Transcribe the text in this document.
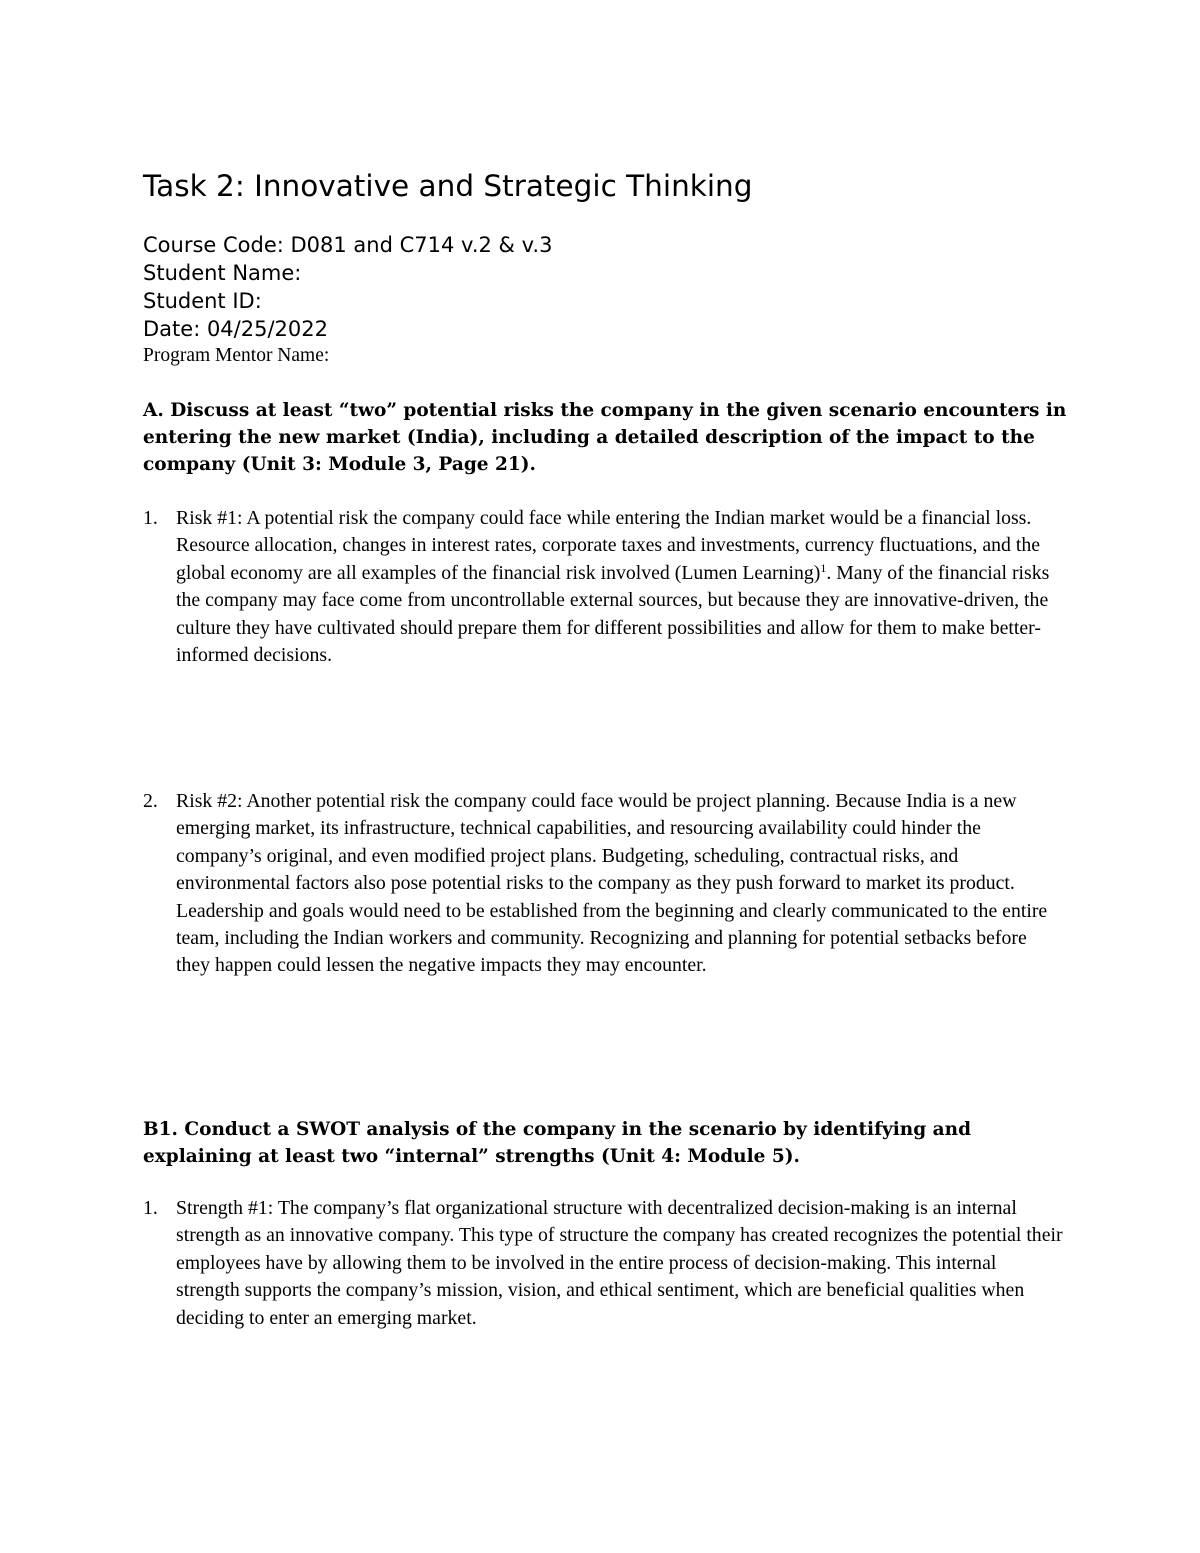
Task 2: Innovative and Strategic Thinking
Course Code: D081 and C714 v.2 & v.3
Student Name:
Student ID:
Date: 04/25/2022
Program Mentor Name:
A. Discuss at least “two” potential risks the company in the given scenario encounters in entering the new market (India), including a detailed description of the impact to the company (Unit 3: Module 3, Page 21).
1. Risk #1: A potential risk the company could face while entering the Indian market would be a financial loss. Resource allocation, changes in interest rates, corporate taxes and investments, currency fluctuations, and the global economy are all examples of the financial risk involved (Lumen Learning)$^1$. Many of the financial risks the company may face come from uncontrollable external sources, but because they are innovative-driven, the culture they have cultivated should prepare them for different possibilities and allow for them to make better-informed decisions.
2. Risk #2: Another potential risk the company could face would be project planning. Because India is a new emerging market, its infrastructure, technical capabilities, and resourcing availability could hinder the company’s original, and even modified project plans. Budgeting, scheduling, contractual risks, and environmental factors also pose potential risks to the company as they push forward to market its product. Leadership and goals would need to be established from the beginning and clearly communicated to the entire team, including the Indian workers and community. Recognizing and planning for potential setbacks before they happen could lessen the negative impacts they may encounter.
B1. Conduct a SWOT analysis of the company in the scenario by identifying and explaining at least two “internal” strengths (Unit 4: Module 5).
1. Strength #1: The company’s flat organizational structure with decentralized decision-making is an internal strength as an innovative company. This type of structure the company has created recognizes the potential their employees have by allowing them to be involved in the entire process of decision-making. This internal strength supports the company’s mission, vision, and ethical sentiment, which are beneficial qualities when deciding to enter an emerging market.
